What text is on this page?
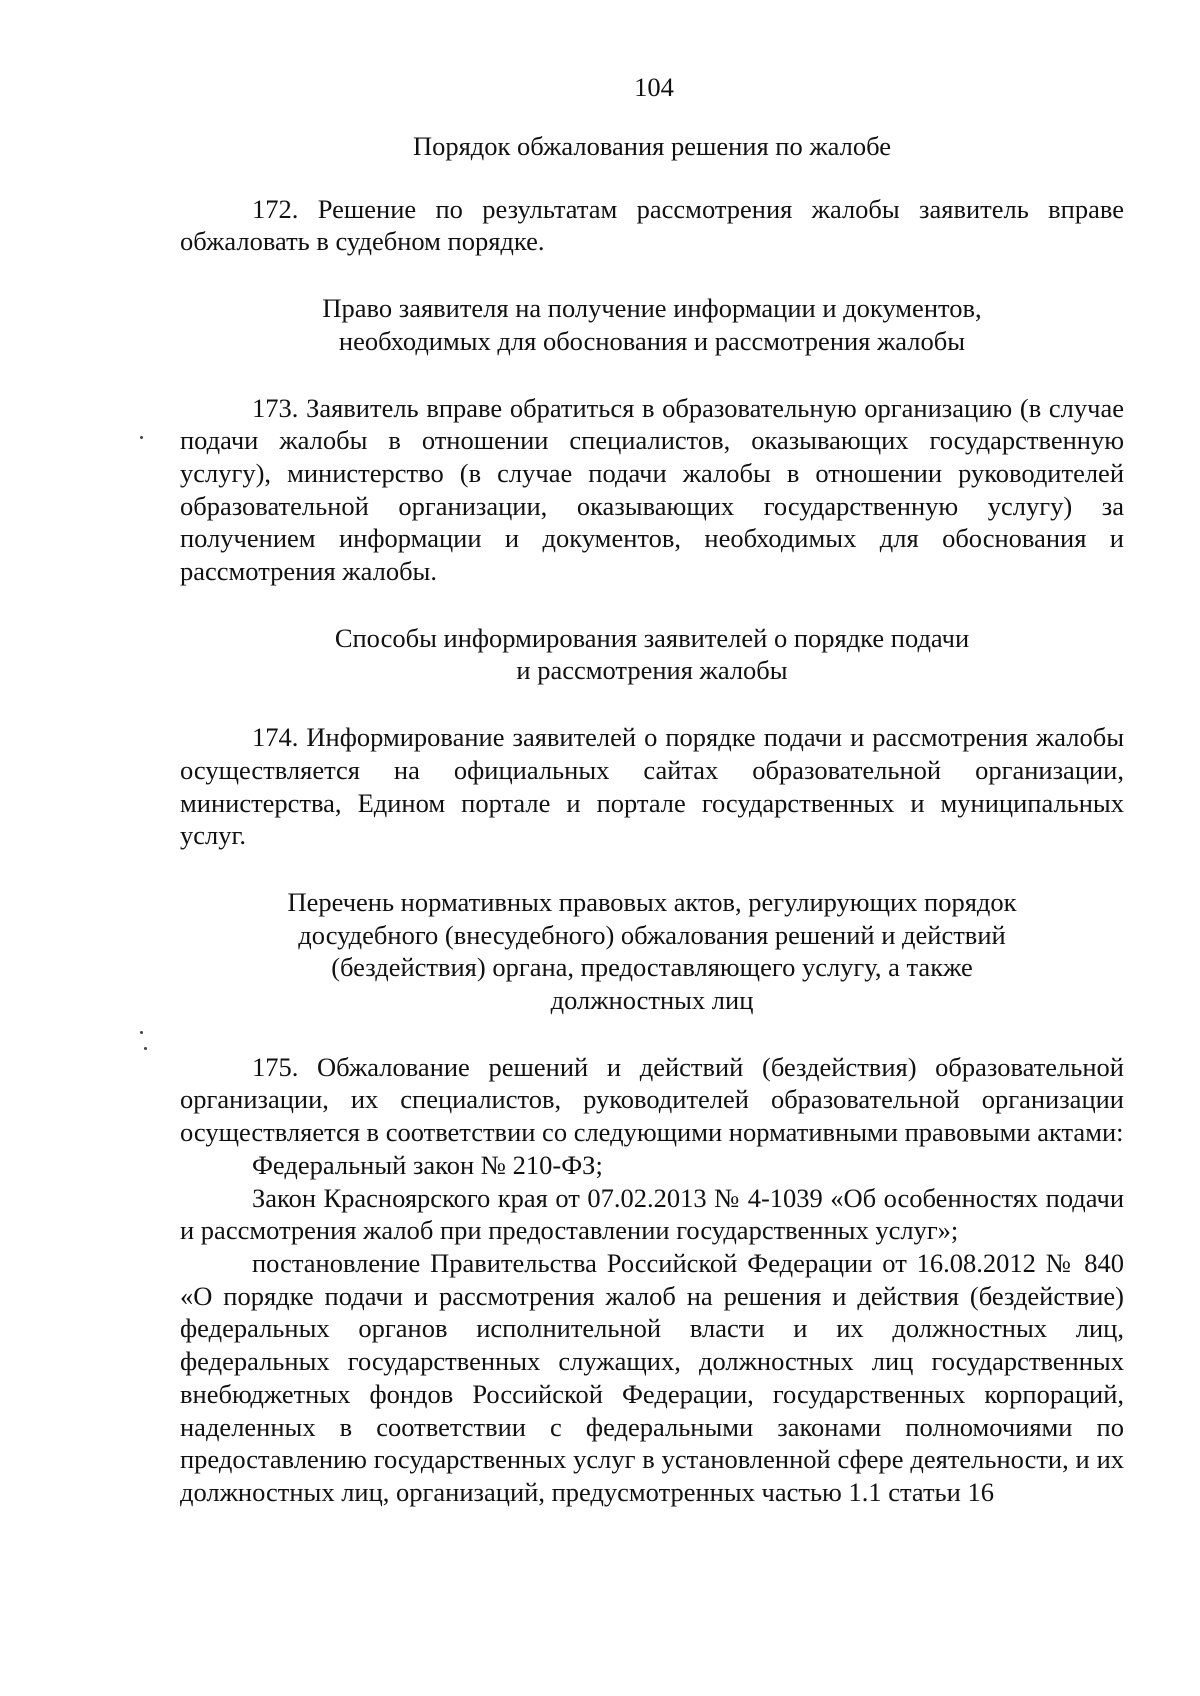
104
Порядок обжалования решения по жалобе

172. Решение по результатам рассмотрения жалобы заявитель вправе обжаловать в судебном порядке.

Право заявителя на получение информации и документов,
необходимых для обоснования и рассмотрения жалобы

173. Заявитель вправе обратиться в образовательную организацию (в случае подачи жалобы в отношении специалистов, оказывающих государственную услугу), министерство (в случае подачи жалобы в отношении руководителей образовательной организации, оказывающих государственную услугу) за получением информации и документов, необходимых для обоснования и рассмотрения жалобы.

Способы информирования заявителей о порядке подачи
и рассмотрения жалобы

174. Информирование заявителей о порядке подачи и рассмотрения жалобы осуществляется на официальных сайтах образовательной организации, министерства, Едином портале и портале государственных и муниципальных услуг.

Перечень нормативных правовых актов, регулирующих порядок
досудебного (внесудебного) обжалования решений и действий
(бездействия) органа, предоставляющего услугу, а также
должностных лиц

175. Обжалование решений и действий (бездействия) образовательной организации, их специалистов, руководителей образовательной организации осуществляется в соответствии со следующими нормативными правовыми актами:

Федеральный закон № 210-ФЗ;

Закон Красноярского края от 07.02.2013 № 4-1039 «Об особенностях подачи и рассмотрения жалоб при предоставлении государственных услуг»;

постановление Правительства Российской Федерации от 16.08.2012 № 840 «О порядке подачи и рассмотрения жалоб на решения и действия (бездействие) федеральных органов исполнительной власти и их должностных лиц, федеральных государственных служащих, должностных лиц государственных внебюджетных фондов Российской Федерации, государственных корпораций, наделенных в соответствии с федеральными законами полномочиями по предоставлению государственных услуг в установленной сфере деятельности, и их должностных лиц, организаций, предусмотренных частью 1.1 статьи 16
